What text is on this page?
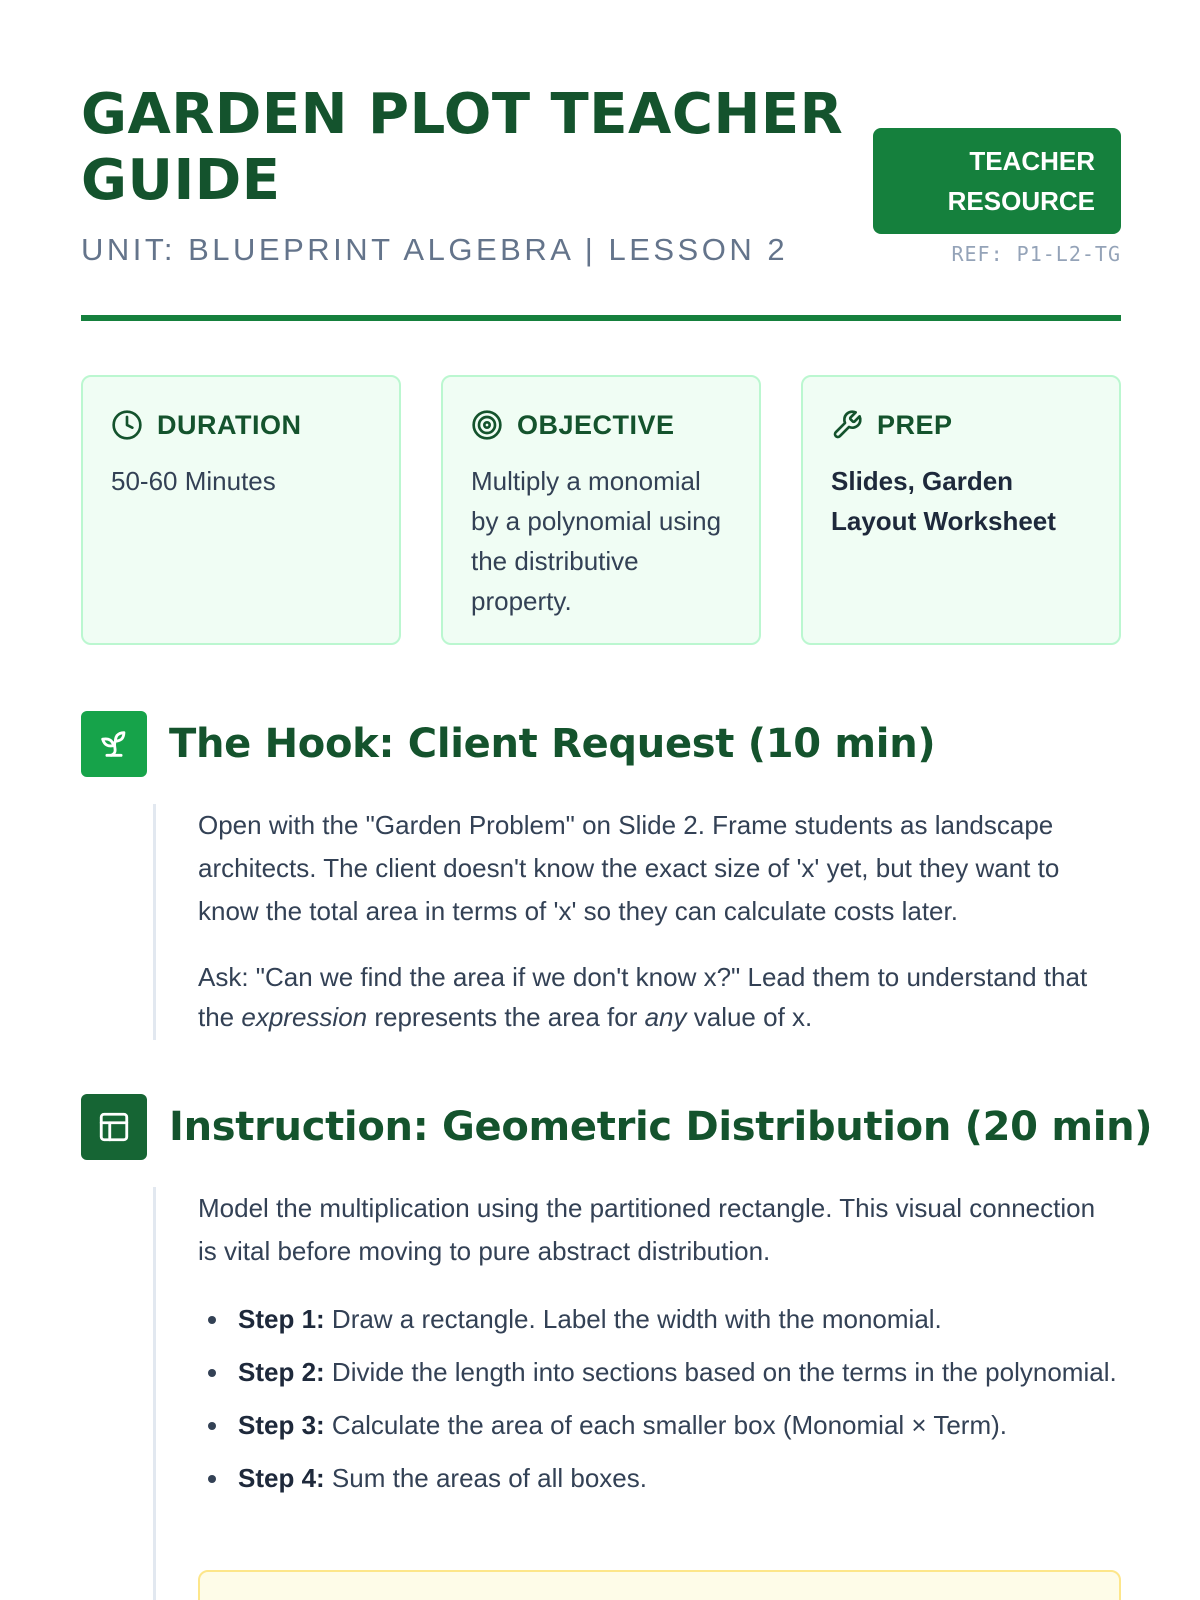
GARDEN PLOT TEACHER GUIDE
UNIT: BLUEPRINT ALGEBRA | LESSON 2
TEACHER
RESOURCE
REF: P1-L2-TG
DURATION
50-60 Minutes
OBJECTIVE
Multiply a monomial by a polynomial using the distributive property.
PREP
Slides, Garden Layout Worksheet
The Hook: Client Request (10 min)

Open with the "Garden Problem" on Slide 2. Frame students as landscape architects. The client doesn't know the exact size of 'x' yet, but they want to know the total area in terms of 'x' so they can calculate costs later.

Ask: "Can we find the area if we don't know x?" Lead them to understand that the expression represents the area for any value of x.

Instruction: Geometric Distribution (20 min)

Model the multiplication using the partitioned rectangle. This visual connection is vital before moving to pure abstract distribution.

Step 1: Draw a rectangle. Label the width with the monomial.
Step 2: Divide the length into sections based on the terms in the polynomial.
Step 3: Calculate the area of each smaller box (Monomial × Term).
Step 4: Sum the areas of all boxes.
